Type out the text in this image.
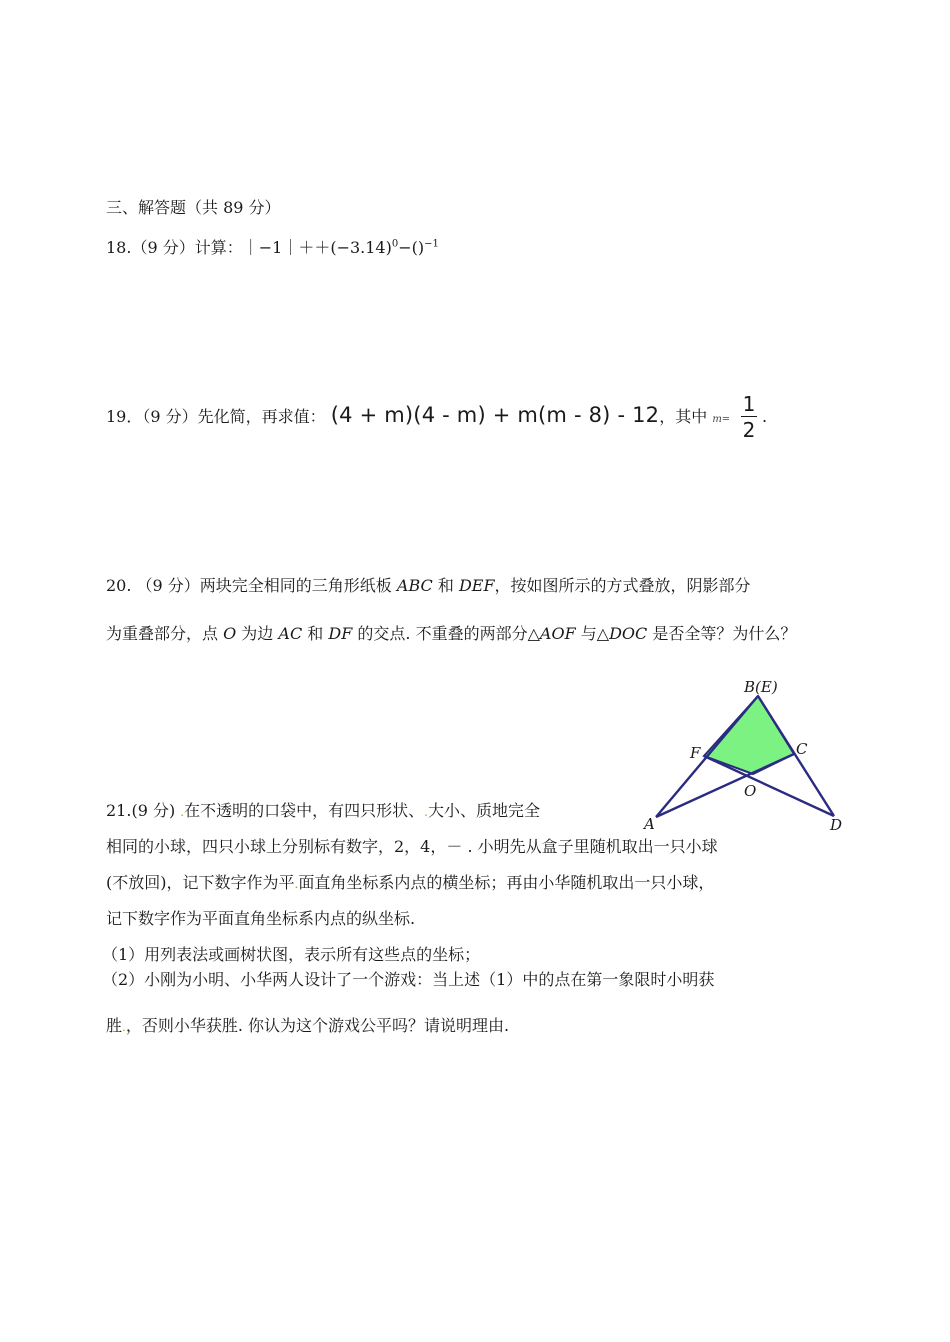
三、解答题（共 89 分）
18.（9 分）计算：$|-1|++(-3.14)^0-()^{-1}$
19．（9 分）先化简，再求值： (4 + m)(4 - m) + m(m - 8) - 12，其中 m=
1
2
.
20. （9 分）两块完全相同的三角形纸板 ABC 和 DEF，按如图所示的方式叠放，阴影部分
为重叠部分，点 O 为边 AC 和 DF 的交点. 不重叠的两部分△AOF 与△DOC 是否全等？为什么？
B(E)
F	C
O
A	D
21.(9 分) .在不透明的口袋中，有四只形状、.大小、质地完全
相同的小球，四只小球上分别标有数字，2，4，－ . 小明先从盒子里随机取出一只小球
(不放回)，记下数字作为平.面直角坐标系内点的横坐标；再由小华随机取出一只小球，
记下数字作为平面直角坐标系内点的纵坐标.
（1）用列表法或画树状图，表示所有这些点的坐标；
（2）小刚为小明、小华两人设计了一个游戏：当上述（1）中的点在第一象限时小明获
胜.，否则小华获胜. 你认为这个游戏公平吗？请说明理由.
